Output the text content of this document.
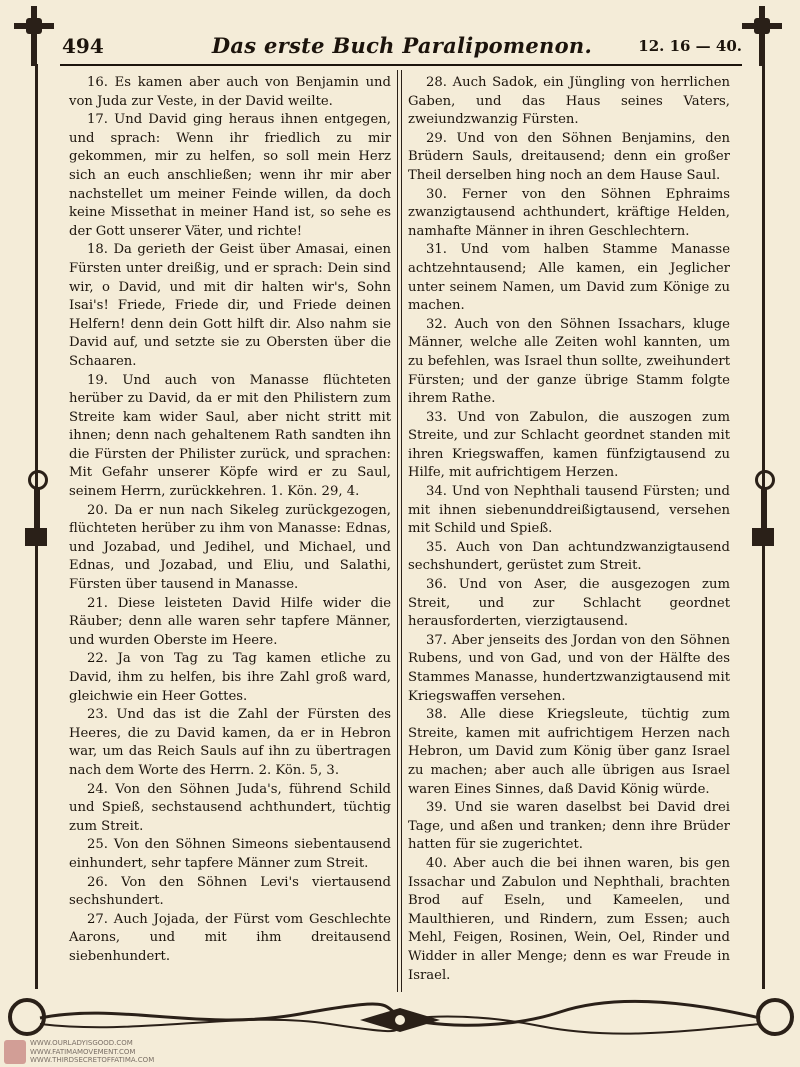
494	Das erste Buch Paralipomenon.	12. 16 — 40.

16. Es kamen aber auch von Benjamin und von Juda zur Veste, in der David weilte.

17. Und David ging heraus ihnen entgegen, und sprach: Wenn ihr friedlich zu mir gekommen, mir zu helfen, so soll mein Herz sich an euch anschließen; wenn ihr mir aber nachstellet um meiner Feinde willen, da doch keine Missethat in meiner Hand ist, so sehe es der Gott unserer Väter, und richte!

18. Da gerieth der Geist über Amasai, einen Fürsten unter dreißig, und er sprach: Dein sind wir, o David, und mit dir halten wir's, Sohn Isai's! Friede, Friede dir, und Friede deinen Helfern! denn dein Gott hilft dir. Also nahm sie David auf, und setzte sie zu Obersten über die Schaaren.

19. Und auch von Manasse flüchteten herüber zu David, da er mit den Philistern zum Streite kam wider Saul, aber nicht stritt mit ihnen; denn nach gehaltenem Rath sandten ihn die Fürsten der Philister zurück, und sprachen: Mit Gefahr unserer Köpfe wird er zu Saul, seinem Herrn, zurückkehren. 1. Kön. 29, 4.

20. Da er nun nach Sikeleg zurückgezogen, flüchteten herüber zu ihm von Manasse: Ednas, und Jozabad, und Jedihel, und Michael, und Ednas, und Jozabad, und Eliu, und Salathi, Fürsten über tausend in Manasse.

21. Diese leisteten David Hilfe wider die Räuber; denn alle waren sehr tapfere Männer, und wurden Oberste im Heere.

22. Ja von Tag zu Tag kamen etliche zu David, ihm zu helfen, bis ihre Zahl groß ward, gleichwie ein Heer Gottes.

23. Und das ist die Zahl der Fürsten des Heeres, die zu David kamen, da er in Hebron war, um das Reich Sauls auf ihn zu übertragen nach dem Worte des Herrn. 2. Kön. 5, 3.

24. Von den Söhnen Juda's, führend Schild und Spieß, sechstausend achthundert, tüchtig zum Streit.

25. Von den Söhnen Simeons siebentausend einhundert, sehr tapfere Männer zum Streit.

26. Von den Söhnen Levi's viertausend sechshundert.

27. Auch Jojada, der Fürst vom Geschlechte Aarons, und mit ihm dreitausend siebenhundert.

28. Auch Sadok, ein Jüngling von herrlichen Gaben, und das Haus seines Vaters, zweiundzwanzig Fürsten.

29. Und von den Söhnen Benjamins, den Brüdern Sauls, dreitausend; denn ein großer Theil derselben hing noch an dem Hause Saul.

30. Ferner von den Söhnen Ephraims zwanzigtausend achthundert, kräftige Helden, namhafte Männer in ihren Geschlechtern.

31. Und vom halben Stamme Manasse achtzehntausend; Alle kamen, ein Jeglicher unter seinem Namen, um David zum Könige zu machen.

32. Auch von den Söhnen Issachars, kluge Männer, welche alle Zeiten wohl kannten, um zu befehlen, was Israel thun sollte, zweihundert Fürsten; und der ganze übrige Stamm folgte ihrem Rathe.

33. Und von Zabulon, die auszogen zum Streite, und zur Schlacht geordnet standen mit ihren Kriegswaffen, kamen fünfzigtausend zu Hilfe, mit aufrichtigem Herzen.

34. Und von Nephthali tausend Fürsten; und mit ihnen siebenunddreißigtausend, versehen mit Schild und Spieß.

35. Auch von Dan achtundzwanzigtausend sechshundert, gerüstet zum Streit.

36. Und von Aser, die ausgezogen zum Streit, und zur Schlacht geordnet herausforderten, vierzigtausend.

37. Aber jenseits des Jordan von den Söhnen Rubens, und von Gad, und von der Hälfte des Stammes Manasse, hundertzwanzigtausend mit Kriegswaffen versehen.

38. Alle diese Kriegsleute, tüchtig zum Streite, kamen mit aufrichtigem Herzen nach Hebron, um David zum König über ganz Israel zu machen; aber auch alle übrigen aus Israel waren Eines Sinnes, daß David König würde.

39. Und sie waren daselbst bei David drei Tage, und aßen und tranken; denn ihre Brüder hatten für sie zugerichtet.

40. Aber auch die bei ihnen waren, bis gen Issachar und Zabulon und Nephthali, brachten Brod auf Eseln, und Kameelen, und Maulthieren, und Rindern, zum Essen; auch Mehl, Feigen, Rosinen, Wein, Oel, Rinder und Widder in aller Menge; denn es war Freude in Israel.

WWW.OURLADYISGOOD.COM
WWW.FATIMAMOVEMENT.COM
WWW.THIRDSECRETOFFATIMA.COM
